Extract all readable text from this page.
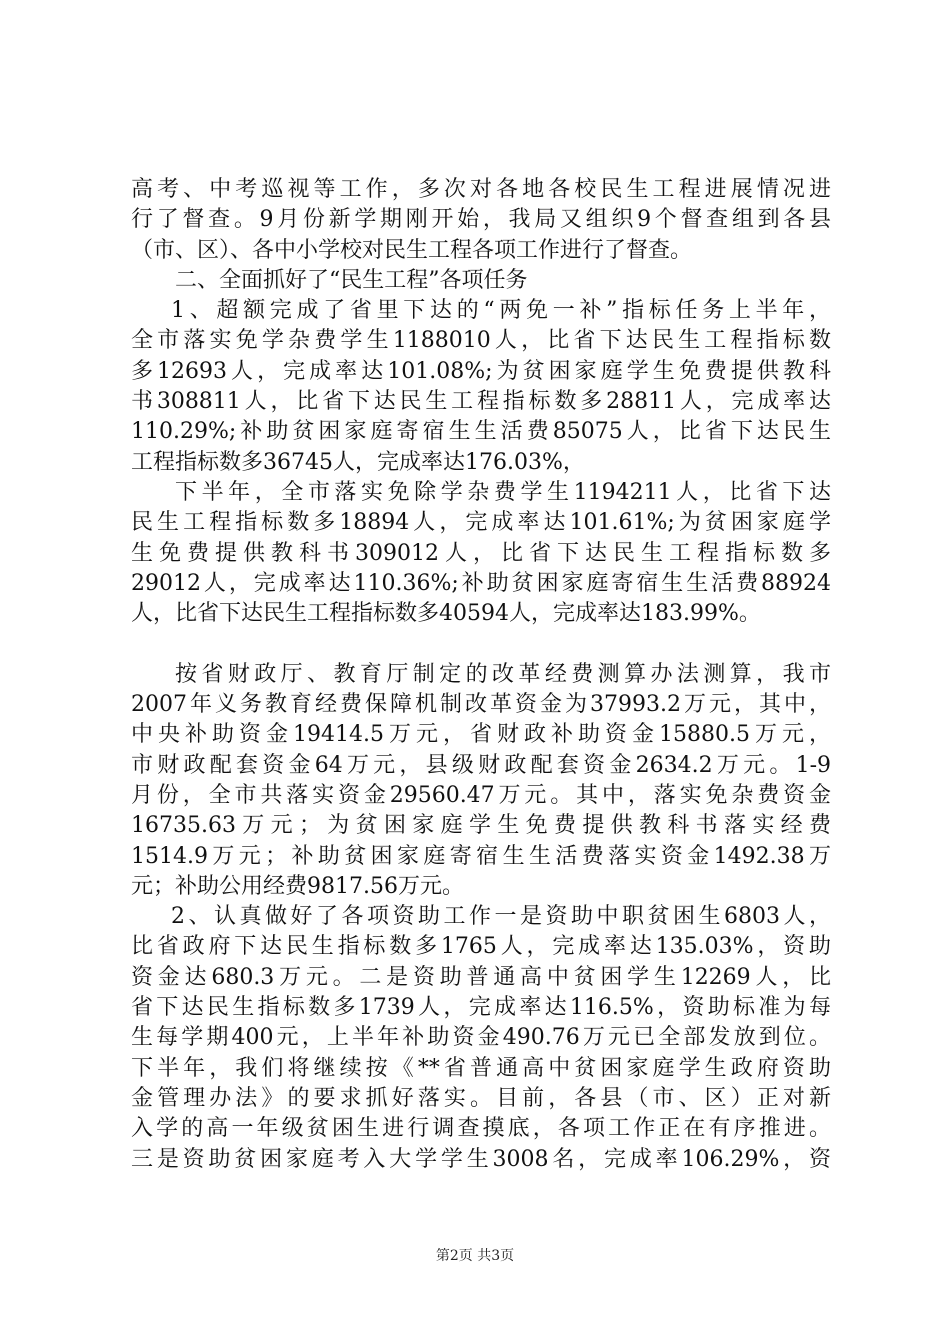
高考、中考巡视等工作，多次对各地各校民生工程进展情况进
行了督查。9月份新学期刚开始，我局又组织9个督查组到各县
（市、区）、各中小学校对民生工程各项工作进行了督查。
二、全面抓好了“民生工程”各项任务
1、超额完成了省里下达的“两免一补”指标任务上半年，
全市落实免学杂费学生1188010人，比省下达民生工程指标数
多12693人，完成率达101.08%;为贫困家庭学生免费提供教科
书308811人，比省下达民生工程指标数多28811人，完成率达
110.29%;补助贫困家庭寄宿生生活费85075人，比省下达民生
工程指标数多36745人，完成率达176.03%，
下半年，全市落实免除学杂费学生1194211人，比省下达
民生工程指标数多18894人，完成率达101.61%;为贫困家庭学
生免费提供教科书309012人，比省下达民生工程指标数多
29012人，完成率达110.36%;补助贫困家庭寄宿生生活费88924
人，比省下达民生工程指标数多40594人，完成率达183.99%。
按省财政厅、教育厅制定的改革经费测算办法测算，我市
2007年义务教育经费保障机制改革资金为37993.2万元，其中，
中央补助资金19414.5万元，省财政补助资金15880.5万元，
市财政配套资金64万元，县级财政配套资金2634.2万元。1-9
月份，全市共落实资金29560.47万元。其中，落实免杂费资金
16735.63万元；为贫困家庭学生免费提供教科书落实经费
1514.9万元；补助贫困家庭寄宿生生活费落实资金1492.38万
元；补助公用经费9817.56万元。
2、认真做好了各项资助工作一是资助中职贫困生6803人，
比省政府下达民生指标数多1765人，完成率达135.03%，资助
资金达680.3万元。二是资助普通高中贫困学生12269人，比
省下达民生指标数多1739人，完成率达116.5%，资助标准为每
生每学期400元，上半年补助资金490.76万元已全部发放到位。
下半年，我们将继续按《**省普通高中贫困家庭学生政府资助
金管理办法》的要求抓好落实。目前，各县（市、区）正对新
入学的高一年级贫困生进行调查摸底，各项工作正在有序推进。
三是资助贫困家庭考入大学学生3008名，完成率106.29%，资
第2页 共3页
